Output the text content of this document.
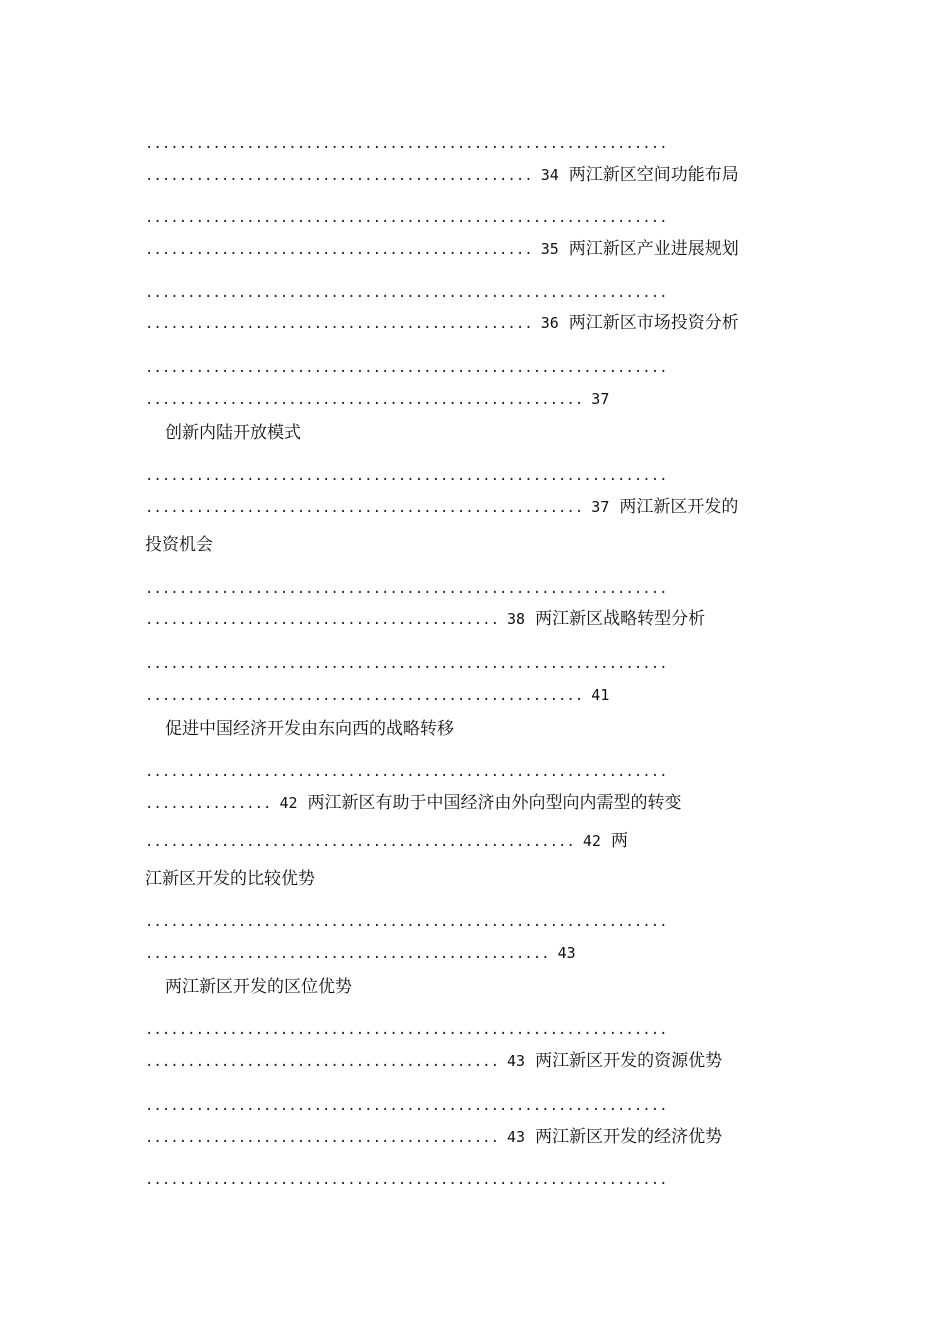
..............................................................
.............................................. 34 两江新区空间功能布局
..............................................................
.............................................. 35 两江新区产业进展规划
..............................................................
.............................................. 36 两江新区市场投资分析
..............................................................
.................................................... 37
创新内陆开放模式
..............................................................
.................................................... 37 两江新区开发的
投资机会
..............................................................
.......................................... 38 两江新区战略转型分析
..............................................................
.................................................... 41
促进中国经济开发由东向西的战略转移
..............................................................
............... 42 两江新区有助于中国经济由外向型向内需型的转变
................................................... 42 两
江新区开发的比较优势
..............................................................
................................................ 43
两江新区开发的区位优势
..............................................................
.......................................... 43 两江新区开发的资源优势
..............................................................
.......................................... 43 两江新区开发的经济优势
..............................................................
